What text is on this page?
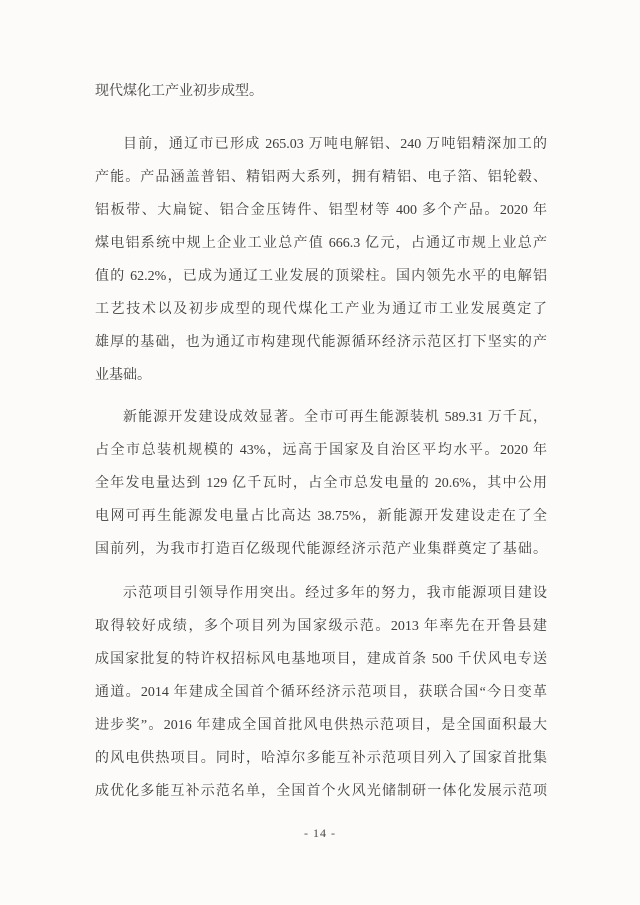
现代煤化工产业初步成型。
目前，通辽市已形成 265.03 万吨电解铝、240 万吨铝精深加工的
产能。产品涵盖普铝、精铝两大系列，拥有精铝、电子箔、铝轮毂、
铝板带、大扁锭、铝合金压铸件、铝型材等 400 多个产品。2020 年
煤电铝系统中规上企业工业总产值 666.3 亿元，占通辽市规上业总产
值的 62.2%，已成为通辽工业发展的顶梁柱。国内领先水平的电解铝
工艺技术以及初步成型的现代煤化工产业为通辽市工业发展奠定了
雄厚的基础，也为通辽市构建现代能源循环经济示范区打下坚实的产
业基础。
新能源开发建设成效显著。全市可再生能源装机 589.31 万千瓦，
占全市总装机规模的 43%，远高于国家及自治区平均水平。2020 年
全年发电量达到 129 亿千瓦时，占全市总发电量的 20.6%，其中公用
电网可再生能源发电量占比高达 38.75%，新能源开发建设走在了全
国前列，为我市打造百亿级现代能源经济示范产业集群奠定了基础。
示范项目引领导作用突出。经过多年的努力，我市能源项目建设
取得较好成绩，多个项目列为国家级示范。2013 年率先在开鲁县建
成国家批复的特许权招标风电基地项目，建成首条 500 千伏风电专送
通道。2014 年建成全国首个循环经济示范项目，获联合国“今日变革
进步奖”。2016 年建成全国首批风电供热示范项目，是全国面积最大
的风电供热项目。同时，哈淖尔多能互补示范项目列入了国家首批集
成优化多能互补示范名单，全国首个火风光储制研一体化发展示范项
- 14 -
